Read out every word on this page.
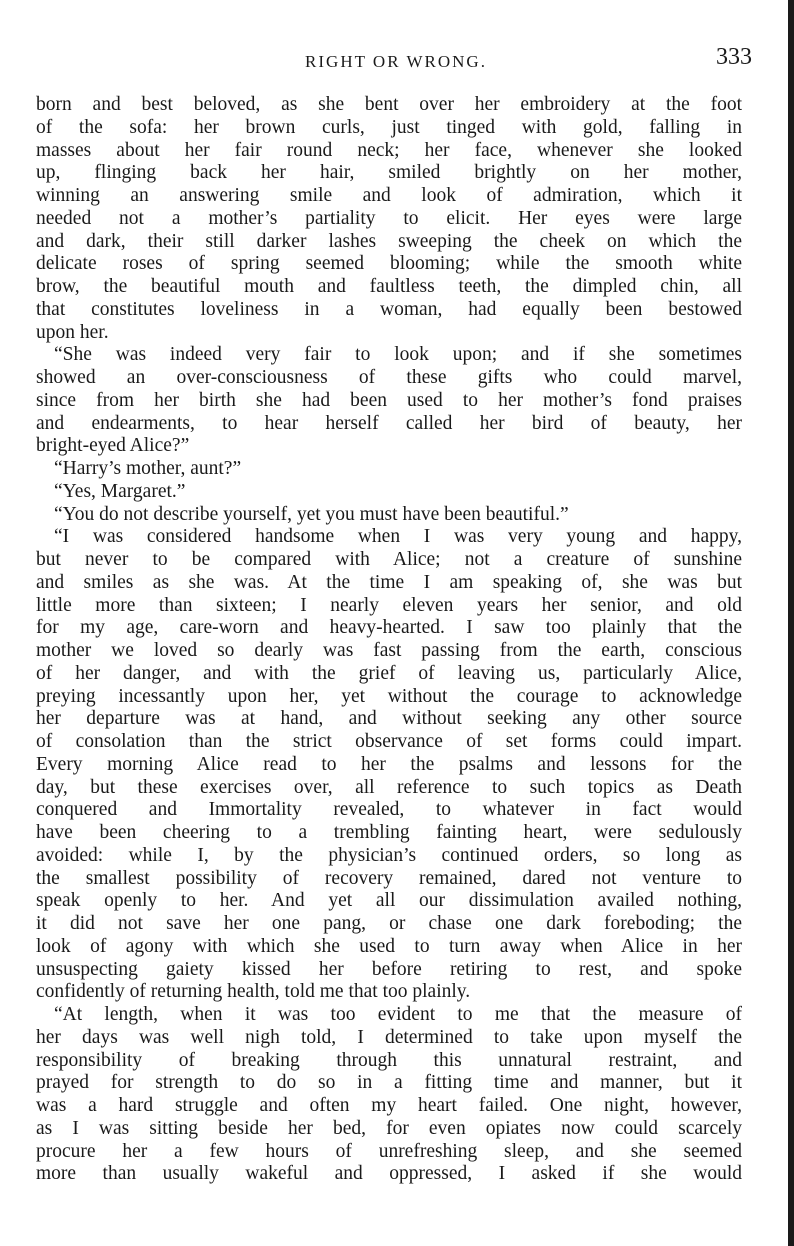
RIGHT OR WRONG.	333
born and best beloved, as she bent over her embroidery at the foot
of the sofa: her brown curls, just tinged with gold, falling in
masses about her fair round neck; her face, whenever she looked
up, flinging back her hair, smiled brightly on her mother,
winning an answering smile and look of admiration, which it
needed not a mother’s partiality to elicit. Her eyes were large
and dark, their still darker lashes sweeping the cheek on which the
delicate roses of spring seemed blooming; while the smooth white
brow, the beautiful mouth and faultless teeth, the dimpled chin, all
that constitutes loveliness in a woman, had equally been bestowed
upon her.
“She was indeed very fair to look upon; and if she sometimes
showed an over-consciousness of these gifts who could marvel,
since from her birth she had been used to her mother’s fond praises
and endearments, to hear herself called her bird of beauty, her
bright-eyed Alice?”
“Harry’s mother, aunt?”
“Yes, Margaret.”
“You do not describe yourself, yet you must have been beautiful.”
“I was considered handsome when I was very young and happy,
but never to be compared with Alice; not a creature of sunshine
and smiles as she was. At the time I am speaking of, she was but
little more than sixteen; I nearly eleven years her senior, and old
for my age, care-worn and heavy-hearted. I saw too plainly that the
mother we loved so dearly was fast passing from the earth, conscious
of her danger, and with the grief of leaving us, particularly Alice,
preying incessantly upon her, yet without the courage to acknowledge
her departure was at hand, and without seeking any other source
of consolation than the strict observance of set forms could impart.
Every morning Alice read to her the psalms and lessons for the
day, but these exercises over, all reference to such topics as Death
conquered and Immortality revealed, to whatever in fact would
have been cheering to a trembling fainting heart, were sedulously
avoided: while I, by the physician’s continued orders, so long as
the smallest possibility of recovery remained, dared not venture to
speak openly to her. And yet all our dissimulation availed nothing,
it did not save her one pang, or chase one dark foreboding; the
look of agony with which she used to turn away when Alice in her
unsuspecting gaiety kissed her before retiring to rest, and spoke
confidently of returning health, told me that too plainly.
“At length, when it was too evident to me that the measure of
her days was well nigh told, I determined to take upon myself the
responsibility of breaking through this unnatural restraint, and
prayed for strength to do so in a fitting time and manner, but it
was a hard struggle and often my heart failed. One night, however,
as I was sitting beside her bed, for even opiates now could scarcely
procure her a few hours of unrefreshing sleep, and she seemed
more than usually wakeful and oppressed, I asked if she would
